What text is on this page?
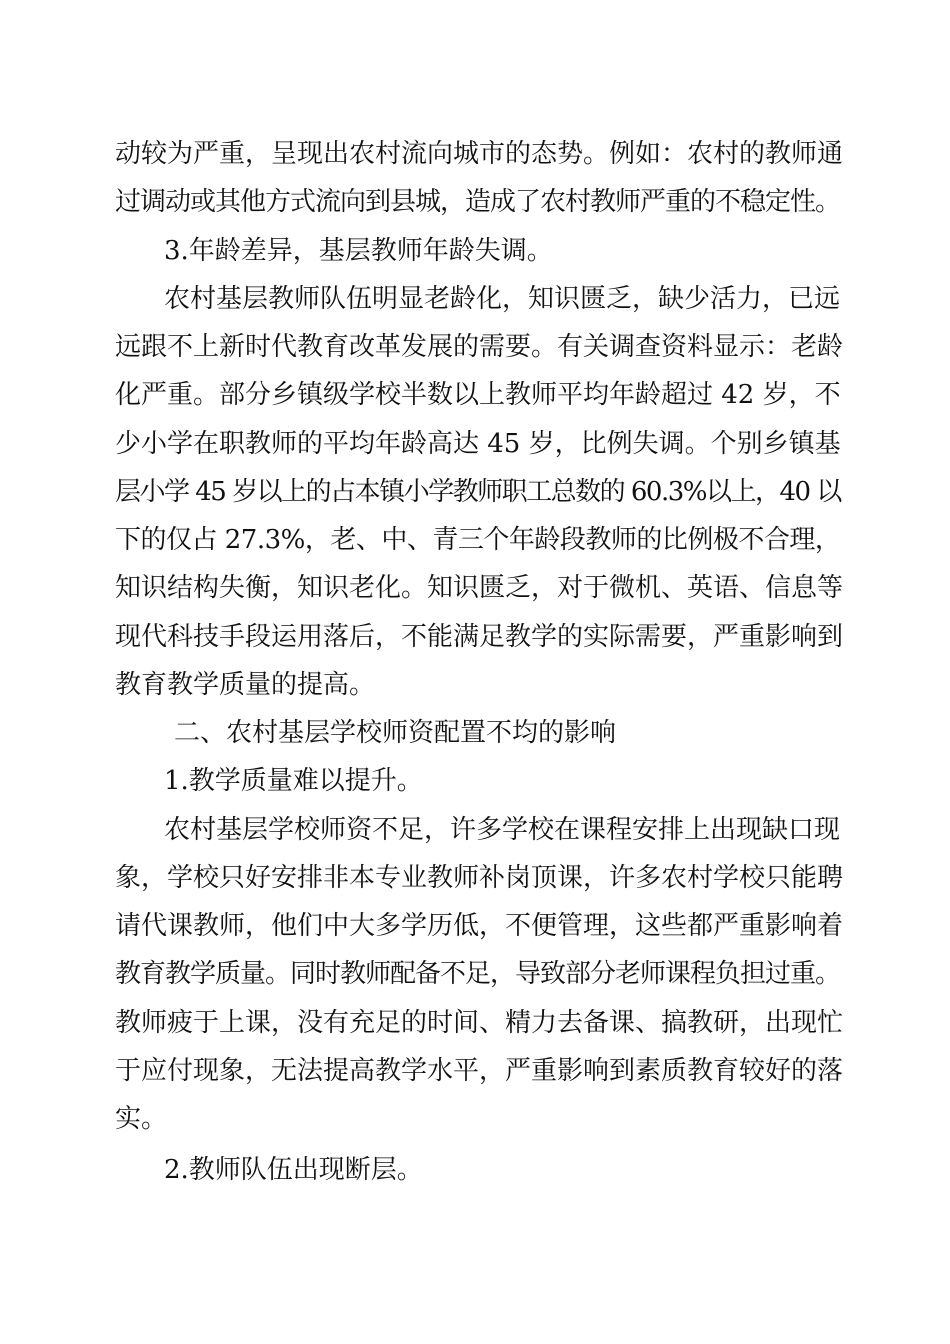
动较为严重，呈现出农村流向城市的态势。例如：农村的教师通
过调动或其他方式流向到县城，造成了农村教师严重的不稳定性。
3.年龄差异，基层教师年龄失调。
农村基层教师队伍明显老龄化，知识匮乏，缺少活力，已远
远跟不上新时代教育改革发展的需要。有关调查资料显示：老龄
化严重。部分乡镇级学校半数以上教师平均年龄超过 42 岁，不
少小学在职教师的平均年龄高达 45 岁，比例失调。个别乡镇基
层小学 45 岁以上的占本镇小学教师职工总数的 60.3%以上，40 以
下的仅占 27.3%，老、中、青三个年龄段教师的比例极不合理，
知识结构失衡，知识老化。知识匮乏，对于微机、英语、信息等
现代科技手段运用落后，不能满足教学的实际需要，严重影响到
教育教学质量的提高。
二、农村基层学校师资配置不均的影响
1.教学质量难以提升。
农村基层学校师资不足，许多学校在课程安排上出现缺口现
象，学校只好安排非本专业教师补岗顶课，许多农村学校只能聘
请代课教师，他们中大多学历低，不便管理，这些都严重影响着
教育教学质量。同时教师配备不足，导致部分老师课程负担过重。
教师疲于上课，没有充足的时间、精力去备课、搞教研，出现忙
于应付现象，无法提高教学水平，严重影响到素质教育较好的落
实。
2.教师队伍出现断层。
